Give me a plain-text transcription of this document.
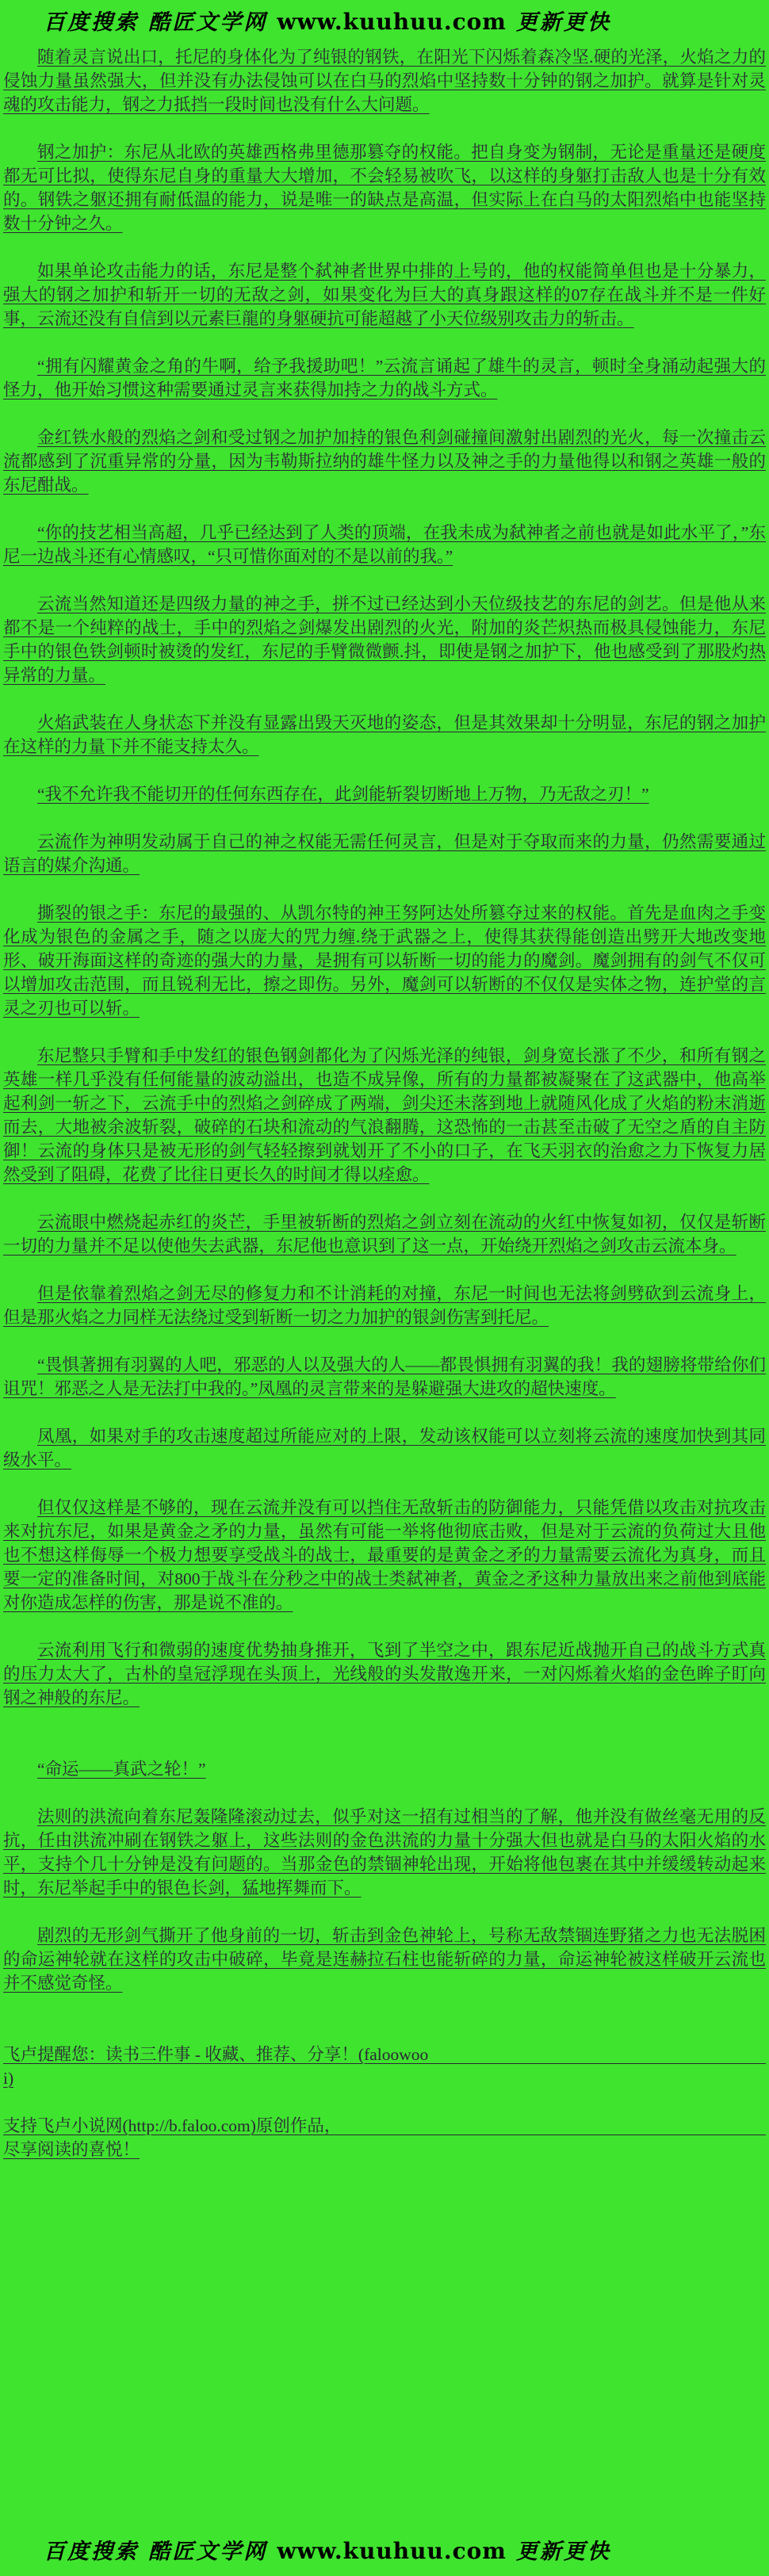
百度搜索 酷匠文学网 www.kuuhuu.com 更新更快

随着灵言说出口，托尼的身体化为了纯银的钢铁，在阳光下闪烁着森冷坚.硬的光泽，火焰之力的侵蚀力量虽然强大，但并没有办法侵蚀可以在白马的烈焰中坚持数十分钟的钢之加护。就算是针对灵魂的攻击能力，钢之力抵挡一段时间也没有什么大问题。

钢之加护：东尼从北欧的英雄西格弗里德那篡夺的权能。把自身变为钢制，无论是重量还是硬度都无可比拟，使得东尼自身的重量大大增加，不会轻易被吹飞，以这样的身躯打击敌人也是十分有效的。钢铁之躯还拥有耐低温的能力，说是唯一的缺点是高温，但实际上在白马的太阳烈焰中也能坚持数十分钟之久。

如果单论攻击能力的话，东尼是整个弑神者世界中排的上号的，他的权能简单但也是十分暴力，强大的钢之加护和斩开一切的无敌之剑，如果变化为巨大的真身跟这样的07存在战斗并不是一件好事，云流还没有自信到以元素巨龍的身躯硬抗可能超越了小天位级别攻击力的斩击。

“拥有闪耀黄金之角的牛啊，给予我援助吧！”云流言诵起了雄牛的灵言，顿时全身涌动起强大的怪力，他开始习惯这种需要通过灵言来获得加持之力的战斗方式。

金红铁水般的烈焰之剑和受过钢之加护加持的银色利剑碰撞间激射出剧烈的光火，每一次撞击云流都感到了沉重异常的分量，因为韦勒斯拉纳的雄牛怪力以及神之手的力量他得以和钢之英雄一般的东尼酣战。

“你的技艺相当高超，几乎已经达到了人类的顶端，在我未成为弑神者之前也就是如此水平了，”东尼一边战斗还有心情感叹，“只可惜你面对的不是以前的我。”

云流当然知道还是四级力量的神之手，拼不过已经达到小天位级技艺的东尼的剑艺。但是他从来都不是一个纯粹的战士，手中的烈焰之剑爆发出剧烈的火光，附加的炎芒炽热而极具侵蚀能力，东尼手中的银色铁剑顿时被烫的发红，东尼的手臂微微颤.抖，即使是钢之加护下，他也感受到了那股灼热异常的力量。

火焰武装在人身状态下并没有显露出毁天灭地的姿态，但是其效果却十分明显，东尼的钢之加护在这样的力量下并不能支持太久。

“我不允许我不能切开的任何东西存在，此剑能斩裂切断地上万物，乃无敌之刃！”

云流作为神明发动属于自己的神之权能无需任何灵言，但是对于夺取而来的力量，仍然需要通过语言的媒介沟通。

撕裂的银之手：东尼的最强的、从凯尔特的神王努阿达处所篡夺过来的权能。首先是血肉之手变化成为银色的金属之手，随之以庞大的咒力缠.绕于武器之上，使得其获得能创造出劈开大地改变地形、破开海面这样的奇迹的强大的力量，是拥有可以斩断一切的能力的魔剑。魔剑拥有的剑气不仅可以增加攻击范围，而且锐利无比，擦之即伤。另外，魔剑可以斩断的不仅仅是实体之物，连护堂的言灵之刃也可以斩。

东尼整只手臂和手中发红的银色钢剑都化为了闪烁光泽的纯银，剑身宽长涨了不少，和所有钢之英雄一样几乎没有任何能量的波动溢出，也造不成异像，所有的力量都被凝聚在了这武器中，他高举起利剑一斩之下，云流手中的烈焰之剑碎成了两端，剑尖还未落到地上就随风化成了火焰的粉末消逝而去，大地被余波斩裂，破碎的石块和流动的气浪翻腾，这恐怖的一击甚至击破了无空之盾的自主防御！云流的身体只是被无形的剑气轻轻擦到就划开了不小的口子，在飞天羽衣的治愈之力下恢复力居然受到了阻碍，花费了比往日更长久的时间才得以痊愈。

云流眼中燃烧起赤红的炎芒，手里被斩断的烈焰之剑立刻在流动的火红中恢复如初，仅仅是斩断一切的力量并不足以使他失去武器，东尼他也意识到了这一点，开始绕开烈焰之剑攻击云流本身。

但是依靠着烈焰之剑无尽的修复力和不计消耗的对撞，东尼一时间也无法将剑劈砍到云流身上，但是那火焰之力同样无法绕过受到斩断一切之力加护的银剑伤害到托尼。

“畏惧著拥有羽翼的人吧，邪恶的人以及强大的人——都畏惧拥有羽翼的我！我的翅膀将带给你们诅咒！邪恶之人是无法打中我的。”凤凰的灵言带来的是躲避强大进攻的超快速度。

凤凰，如果对手的攻击速度超过所能应对的上限，发动该权能可以立刻将云流的速度加快到其同级水平。

但仅仅这样是不够的，现在云流并没有可以挡住无敌斩击的防御能力，只能凭借以攻击对抗攻击来对抗东尼，如果是黄金之矛的力量，虽然有可能一举将他彻底击败，但是对于云流的负荷过大且他也不想这样侮辱一个极力想要享受战斗的战士，最重要的是黄金之矛的力量需要云流化为真身，而且要一定的准备时间，对800于战斗在分秒之中的战士类弑神者，黄金之矛这种力量放出来之前他到底能对你造成怎样的伤害，那是说不准的。

云流利用飞行和微弱的速度优势抽身推开，飞到了半空之中，跟东尼近战抛开自己的战斗方式真的压力太大了，古朴的皇冠浮现在头顶上，光线般的头发散逸开来，一对闪烁着火焰的金色眸子盯向钢之神般的东尼。

“命运——真武之轮！”

法则的洪流向着东尼轰隆隆滚动过去，似乎对这一招有过相当的了解，他并没有做丝毫无用的反抗，任由洪流冲刷在钢铁之躯上，这些法则的金色洪流的力量十分强大但也就是白马的太阳火焰的水平，支持个几十分钟是没有问题的。当那金色的禁锢神轮出现，开始将他包裹在其中并缓缓转动起来时，东尼举起手中的银色长剑，猛地挥舞而下。

剧烈的无形剑气撕开了他身前的一切，斩击到金色神轮上，号称无敌禁锢连野猪之力也无法脱困的命运神轮就在这样的攻击中破碎，毕竟是连赫拉石柱也能斩碎的力量，命运神轮被这样破开云流也并不感觉奇怪。

飞卢提醒您：读书三件事 - 收藏、推荐、分享！(faloowoo
i)
支持飞卢小说网(http://b.faloo.com)原创作品，
尽享阅读的喜悦！
百度搜索 酷匠文学网 www.kuuhuu.com 更新更快
